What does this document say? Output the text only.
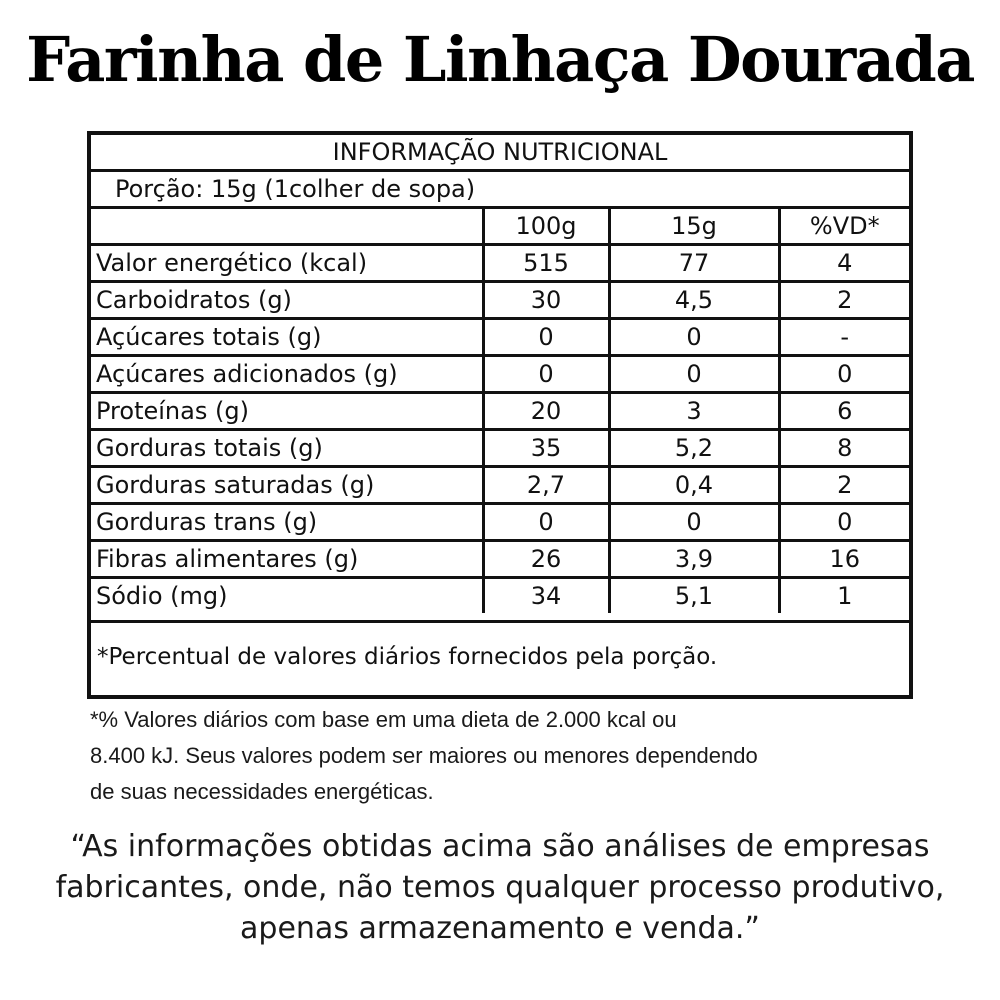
Farinha de Linhaça Dourada
INFORMAÇÃO NUTRICIONAL			
Porção: 15g (1colher de sopa)			
	100g	15g	%VD*
Valor energético (kcal)	515	77	4
Carboidratos (g)	30	4,5	2
Açúcares totais (g)	0	0	-
Açúcares adicionados (g)	0	0	0
Proteínas (g)	20	3	6
Gorduras totais (g)	35	5,2	8
Gorduras saturadas (g)	2,7	0,4	2
Gorduras trans (g)	0	0	0
Fibras alimentares (g)	26	3,9	16
Sódio (mg)	34	5,1	1
*Percentual de valores diários fornecidos pela porção.
*% Valores diários com base em uma dieta de 2.000 kcal ou
8.400 kJ. Seus valores podem ser maiores ou menores dependendo
de suas necessidades energéticas.
“As informações obtidas acima são análises de empresas
fabricantes, onde, não temos qualquer processo produtivo,
apenas armazenamento e venda.”
